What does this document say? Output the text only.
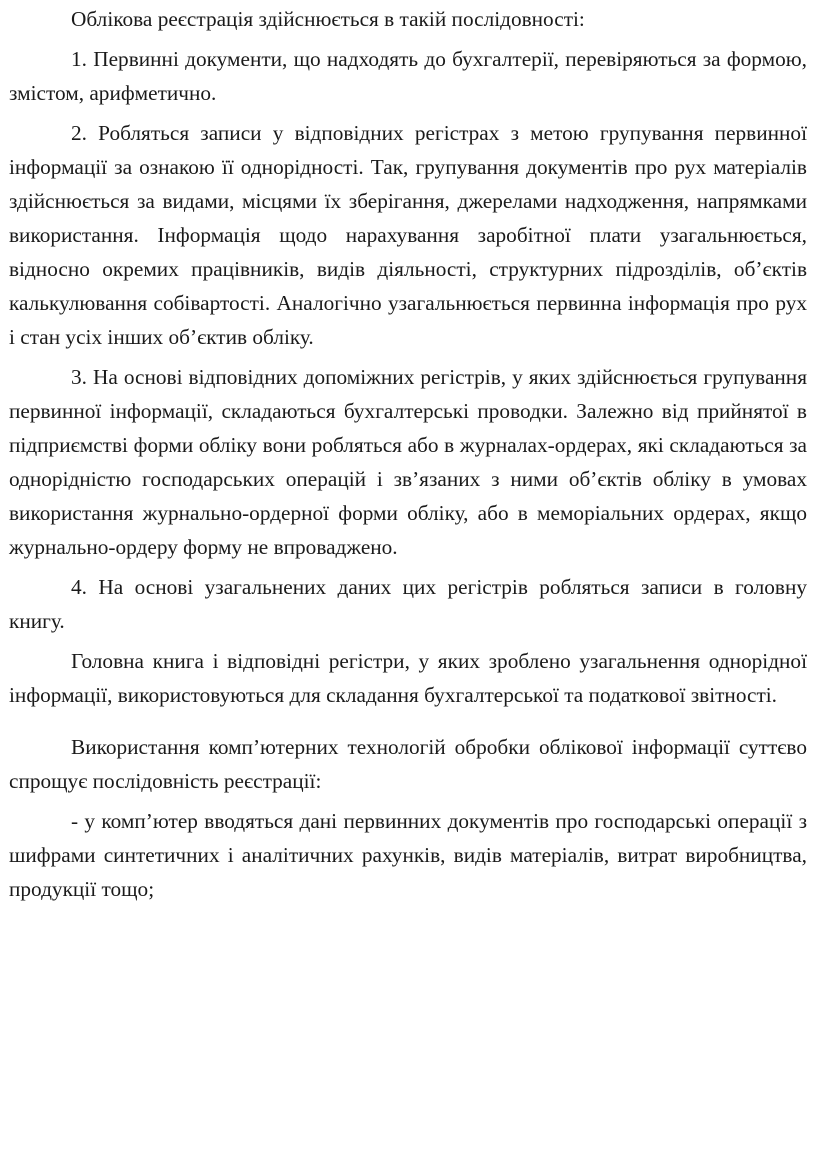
Облікова реєстрація здійснюється в такій послідовності:

1. Первинні документи, що надходять до бухгалтерії, перевіряються за формою, змістом, арифметично.

2. Робляться записи у відповідних регістрах з метою групування первинної інформації за ознакою її однорідності. Так, групування документів про рух матеріалів здійснюється за видами, місцями їх зберігання, джерелами надходження, напрямками використання. Інформація щодо нарахування заробітної плати узагальнюється, відносно окремих працівників, видів діяльності, структурних підрозділів, об’єктів калькулювання собівартості. Аналогічно узагальнюється первинна інформація про рух і стан усіх інших об’єктив обліку.

3. На основі відповідних допоміжних регістрів, у яких здійснюється групування первинної інформації, складаються бухгалтерські проводки. Залежно від прийнятої в підприємстві форми обліку вони робляться або в журналах-ордерах, які складаються за однорідністю господарських операцій і зв’язаних з ними об’єктів обліку в умовах використання журнально-ордерної форми обліку, або в меморіальних ордерах, якщо журнально-ордеру форму не впроваджено.

4. На основі узагальнених даних цих регістрів робляться записи в головну книгу.

Головна книга і відповідні регістри, у яких зроблено узагальнення однорідної інформації, використовуються для складання бухгалтерської та податкової звітності.

Використання комп’ютерних технологій обробки облікової інформації суттєво спрощує послідовність реєстрації:

- у комп’ютер вводяться дані первинних документів про господарські операції з шифрами синтетичних і аналітичних рахунків, видів матеріалів, витрат виробництва, продукції тощо;
